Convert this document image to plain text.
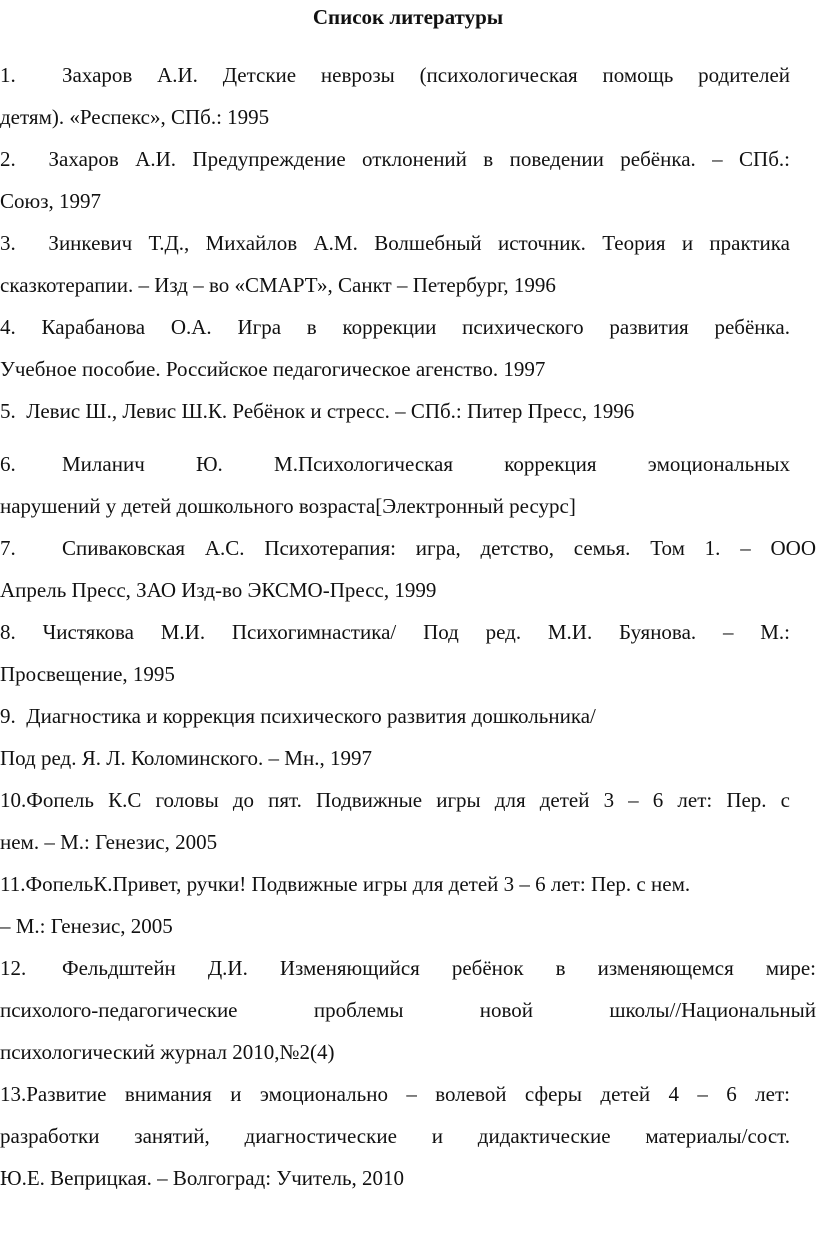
Список литературы
1. Захаров А.И. Детские неврозы (психологическая помощь родителей
детям). «Респекс», СПб.: 1995
2. Захаров А.И. Предупреждение отклонений в поведении ребёнка. – СПб.:
Союз, 1997
3. Зинкевич Т.Д., Михайлов А.М. Волшебный источник. Теория и практика
сказкотерапии. – Изд – во «СМАРТ», Санкт – Петербург, 1996
4. Карабанова О.А. Игра в коррекции психического развития ребёнка.
Учебное пособие. Российское педагогическое агенство. 1997
5. Левис Ш., Левис Ш.К. Ребёнок и стресс. – СПб.: Питер Пресс, 1996
6. Миланич Ю. М.Психологическая коррекция эмоциональных
нарушений у детей дошкольного возраста[Электронный ресурс]
7. Спиваковская А.С. Психотерапия: игра, детство, семья. Том 1. – ООО
Апрель Пресс, ЗАО Изд-во ЭКСМО-Пресс, 1999
8. Чистякова М.И. Психогимнастика/ Под ред. М.И. Буянова. – М.:
Просвещение, 1995
9. Диагностика и коррекция психического развития дошкольника/
Под ред. Я. Л. Коломинского. – Мн., 1997
10.Фопель К.С головы до пят. Подвижные игры для детей 3 – 6 лет: Пер. с
нем. – М.: Генезис, 2005
11.ФопельК.Привет, ручки! Подвижные игры для детей 3 – 6 лет: Пер. с нем.
– М.: Генезис, 2005
12. Фельдштейн Д.И. Изменяющийся ребёнок в изменяющемся мире:
психолого-педагогические проблемы новой школы//Национальный
психологический журнал 2010,№2(4)
13.Развитие внимания и эмоционально – волевой сферы детей 4 – 6 лет:
разработки занятий, диагностические и дидактические материалы/сост.
Ю.Е. Веприцкая. – Волгоград: Учитель, 2010
